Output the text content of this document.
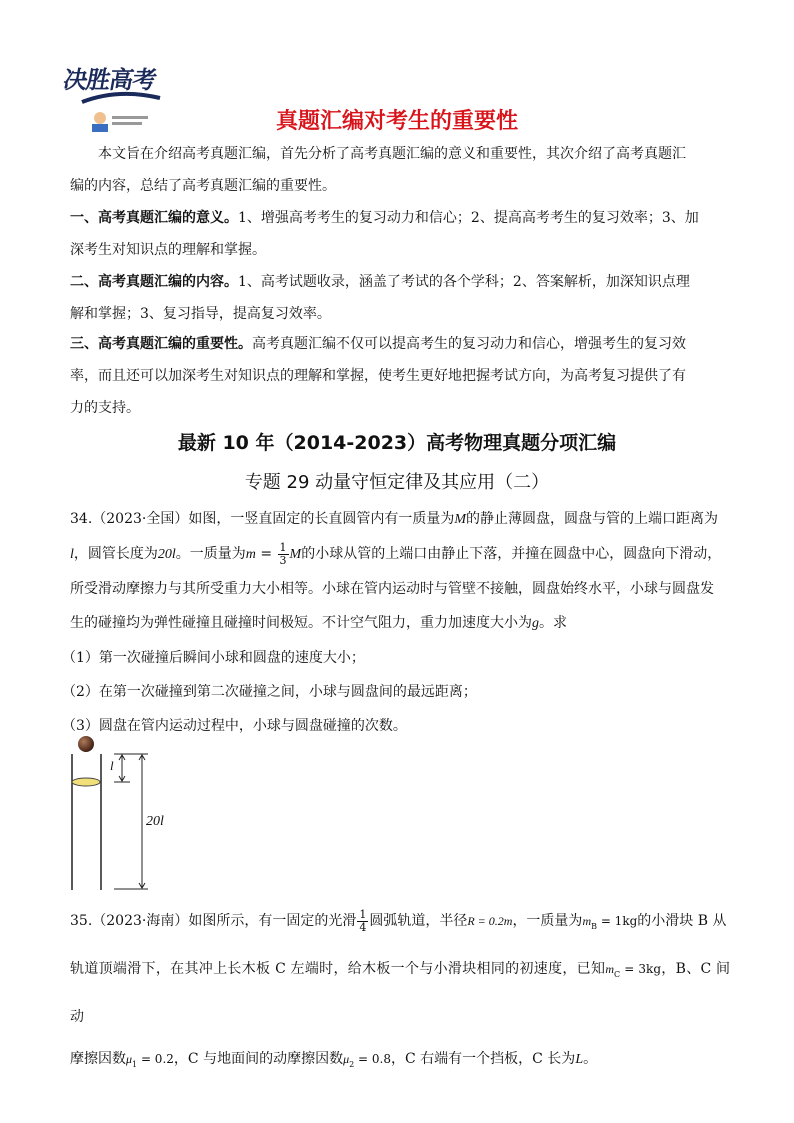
决胜高考
真题汇编对考生的重要性
本文旨在介绍高考真题汇编，首先分析了高考真题汇编的意义和重要性，其次介绍了高考真题汇
编的内容，总结了高考真题汇编的重要性。
一、高考真题汇编的意义。1、增强高考考生的复习动力和信心；2、提高高考考生的复习效率；3、加
深考生对知识点的理解和掌握。
二、高考真题汇编的内容。1、高考试题收录，涵盖了考试的各个学科；2、答案解析，加深知识点理
解和掌握；3、复习指导，提高复习效率。
三、高考真题汇编的重要性。高考真题汇编不仅可以提高考生的复习动力和信心，增强考生的复习效
率，而且还可以加深考生对知识点的理解和掌握，使考生更好地把握考试方向，为高考复习提供了有
力的支持。
最新 10 年（2014-2023）高考物理真题分项汇编
专题 29 动量守恒定律及其应用（二）
34.（2023·全国）如图，一竖直固定的长直圆管内有一质量为M的静止薄圆盘，圆盘与管的上端口距离为
l，圆管长度为20l。一质量为$m = \frac{1}{3}$ M的小球从管的上端口由静止下落，并撞在圆盘中心，圆盘向下滑动，
所受滑动摩擦力与其所受重力大小相等。小球在管内运动时与管壁不接触，圆盘始终水平，小球与圆盘发
生的碰撞均为弹性碰撞且碰撞时间极短。不计空气阻力，重力加速度大小为g。求
（1）第一次碰撞后瞬间小球和圆盘的速度大小；
（2）在第一次碰撞到第二次碰撞之间，小球与圆盘间的最远距离；
（3）圆盘在管内运动过程中，小球与圆盘碰撞的次数。
l
20l
35.（2023·海南）如图所示，有一固定的光滑 $\frac{1}{4}$ 圆弧轨道，半径R = 0.2m，一质量为$m_B = 1kg$的小滑块 B 从
轨道顶端滑下，在其冲上长木板 C 左端时，给木板一个与小滑块相同的初速度，已知$m_C = 3kg$，B、C 间动
摩擦因数$\mu_1 = 0.2$，C 与地面间的动摩擦因数$\mu_2 = 0.8$，C 右端有一个挡板，C 长为L。
